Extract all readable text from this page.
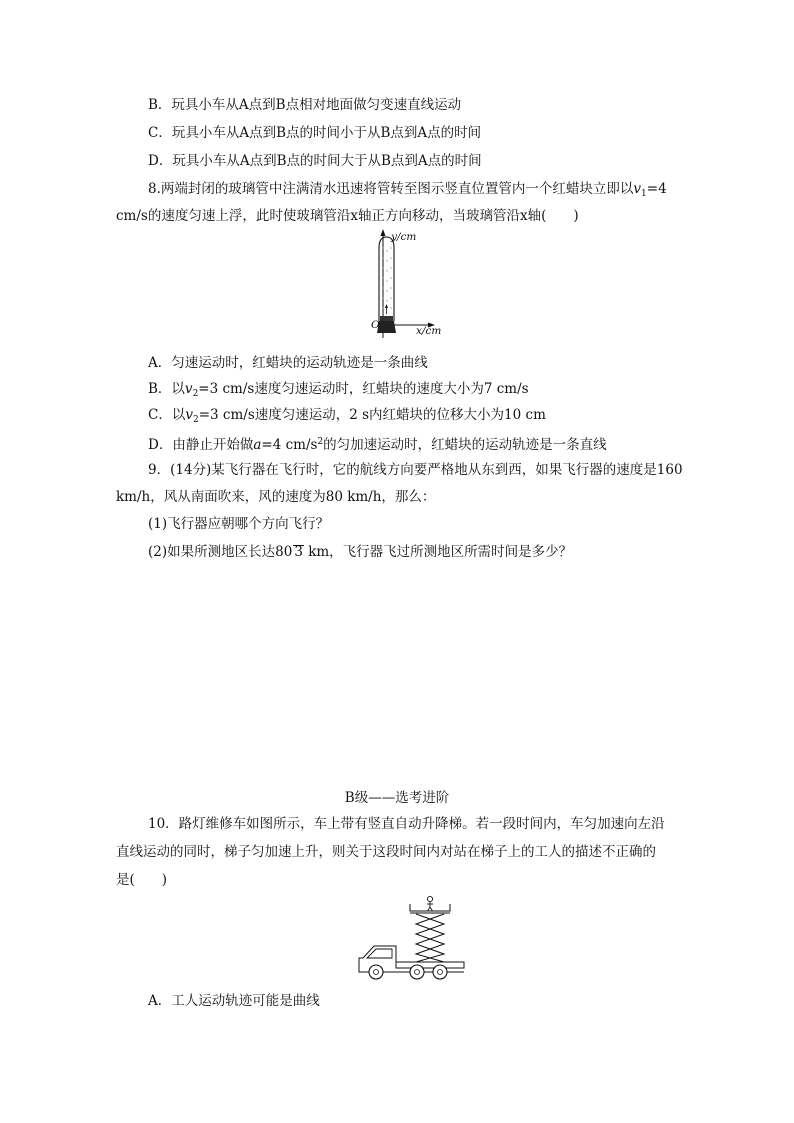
B．玩具小车从A点到B点相对地面做匀变速直线运动
C．玩具小车从A点到B点的时间小于从B点到A点的时间
D．玩具小车从A点到B点的时间大于从B点到A点的时间
8.两端封闭的玻璃管中注满清水迅速将管转至图示竖直位置管内一个红蜡块立即以$v_1=4$
cm/s的速度匀速上浮，此时使玻璃管沿x轴正方向移动，当玻璃管沿x轴(　　)
y/cm
x/cm
O
A．匀速运动时，红蜡块的运动轨迹是一条曲线
B．以$v_2=3$ cm/s速度匀速运动时，红蜡块的速度大小为7 cm/s
C．以$v_2=3$ cm/s速度匀速运动，2 s内红蜡块的位移大小为10 cm
D．由静止开始做a=4 $cm/s^2$的匀加速运动时，红蜡块的运动轨迹是一条直线
9．(14分)某飞行器在飞行时，它的航线方向要严格地从东到西，如果飞行器的速度是160
km/h，风从南面吹来，风的速度为80 km/h，那么：
(1)飞行器应朝哪个方向飞行？
(2)如果所测地区长达80 3 km，飞行器飞过所测地区所需时间是多少？
B级——选考进阶
10．路灯维修车如图所示，车上带有竖直自动升降梯。若一段时间内，车匀加速向左沿
直线运动的同时，梯子匀加速上升，则关于这段时间内对站在梯子上的工人的描述不正确的
是(　　)
A．工人运动轨迹可能是曲线
